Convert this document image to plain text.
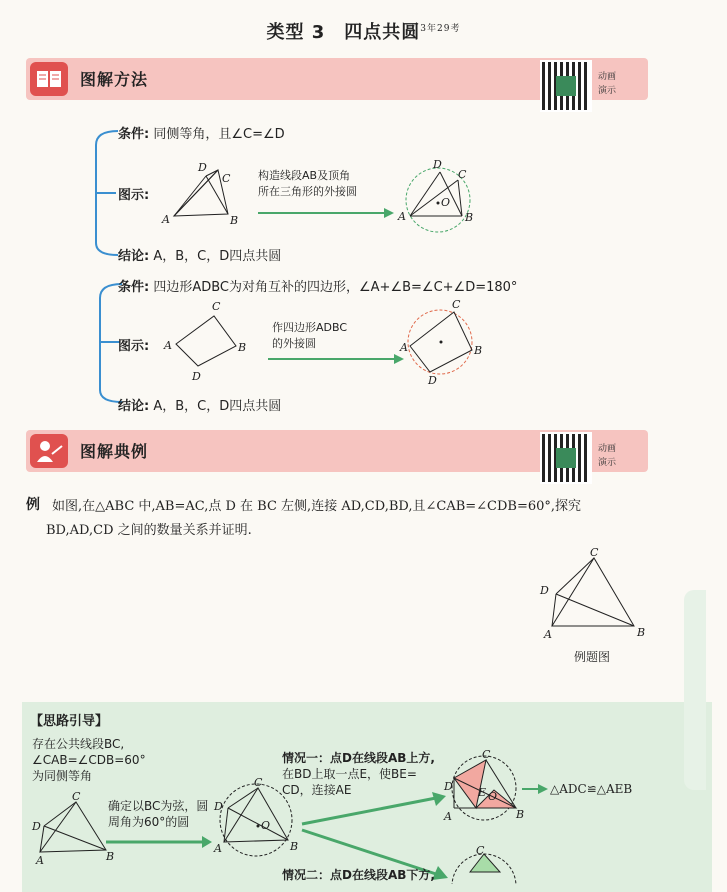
类型 3　四点共圆$^{3年29考}$
图解方法	动画
演示
条件: 同侧等角，且∠C=∠D
图示:
结论: A，B，C，D四点共圆
A	B
C
D
构造线段AB及顶角
所在三角形的外接圆
A	B
C
D
O
条件: 四边形ADBC为对角互补的四边形，∠A+∠B=∠C+∠D=180°
图示:
结论: A，B，C，D四点共圆
A	B
C
D
作四边形ADBC
的外接圆	A	B
C
D
图解典例	动画
演示
例 如图,在△ABC 中,AB=AC,点 D 在 BC 左侧,连接 AD,CD,BD,且∠CAB=∠CDB=60°,探究
BD,AD,CD 之间的数量关系并证明.
A	B
C
D
例题图
【思路引导】
存在公共线段BC,
∠CAB=∠CDB=60°
为同侧等角
A	B
C
D
确定以BC为弦，圆
周角为60°的圆
A	B
C
D
O
情况一：点D在线段AB上方,
在BD上取一点E，使BE=
CD，连接AE	D
C
A	B
E O
△ADC≌△AEB
情况二：点D在线段AB下方,
C
